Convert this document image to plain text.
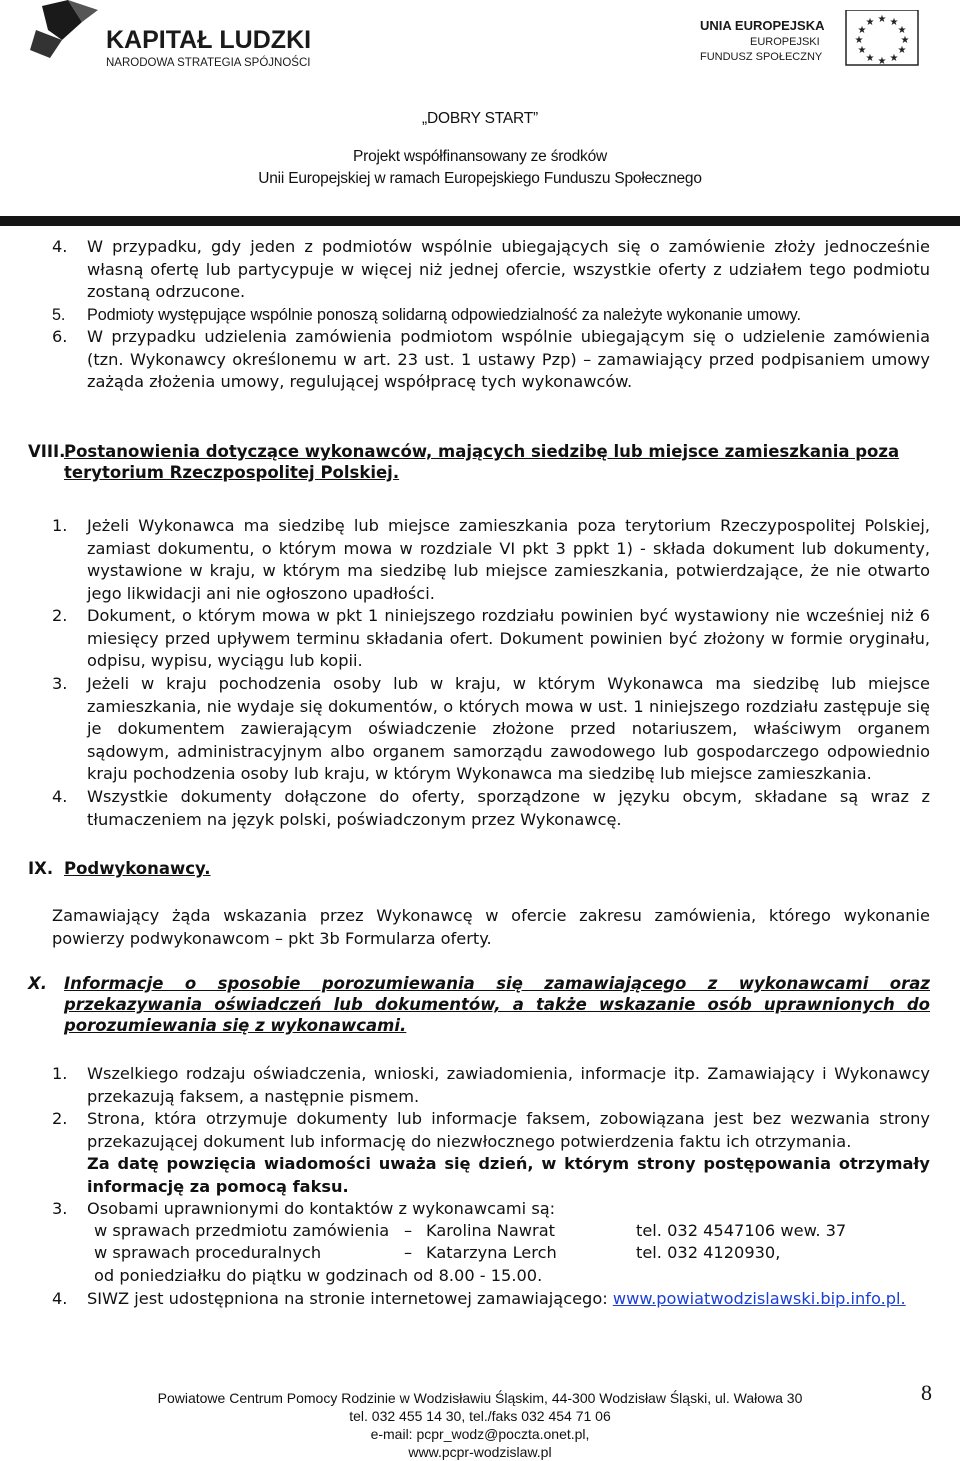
KAPITAŁ LUDZKI
NARODOWA STRATEGIA SPÓJNOŚCI
UNIA EUROPEJSKA
EUROPEJSKI
FUNDUSZ SPOŁECZNY
★ ★
★
★
★
★
★
★
★
★
★
★
„DOBRY START”
Projekt współfinansowany ze środków
Unii Europejskiej w ramach Europejskiego Funduszu Społecznego
4. W przypadku, gdy jeden z podmiotów wspólnie ubiegających się o zamówienie złoży jednocześnie własną ofertę lub partycypuje w więcej niż jednej ofercie, wszystkie oferty z udziałem tego podmiotu zostaną odrzucone.
5. Podmioty występujące wspólnie ponoszą solidarną odpowiedzialność za należyte wykonanie umowy.
6. W przypadku udzielenia zamówienia podmiotom wspólnie ubiegającym się o udzielenie zamówienia (tzn. Wykonawcy określonemu w art. 23 ust. 1 ustawy Pzp) – zamawiający przed podpisaniem umowy zażąda złożenia umowy, regulującej współpracę tych wykonawców.
VIII.
Postanowienia dotyczące wykonawców, mających siedzibę lub miejsce zamieszkania poza terytorium Rzeczpospolitej Polskiej.
1. Jeżeli Wykonawca ma siedzibę lub miejsce zamieszkania poza terytorium Rzeczypospolitej Polskiej, zamiast dokumentu, o którym mowa w rozdziale VI pkt 3 ppkt 1) - składa dokument lub dokumenty, wystawione w kraju, w którym ma siedzibę lub miejsce zamieszkania, potwierdzające, że nie otwarto jego likwidacji ani nie ogłoszono upadłości.
2. Dokument, o którym mowa w pkt 1 niniejszego rozdziału powinien być wystawiony nie wcześniej niż 6 miesięcy przed upływem terminu składania ofert. Dokument powinien być złożony w formie oryginału, odpisu, wypisu, wyciągu lub kopii.
3. Jeżeli w kraju pochodzenia osoby lub w kraju, w którym Wykonawca ma siedzibę lub miejsce zamieszkania, nie wydaje się dokumentów, o których mowa w ust. 1 niniejszego rozdziału zastępuje się je dokumentem zawierającym oświadczenie złożone przed notariuszem, właściwym organem sądowym, administracyjnym albo organem samorządu zawodowego lub gospodarczego odpowiednio kraju pochodzenia osoby lub kraju, w którym Wykonawca ma siedzibę lub miejsce zamieszkania.
4. Wszystkie dokumenty dołączone do oferty, sporządzone w języku obcym, składane są wraz z tłumaczeniem na język polski, poświadczonym przez Wykonawcę.
IX. Podwykonawcy.
Zamawiający żąda wskazania przez Wykonawcę w ofercie zakresu zamówienia, którego wykonanie powierzy podwykonawcom – pkt 3b Formularza oferty.
X. Informacje o sposobie porozumiewania się zamawiającego z wykonawcami oraz przekazywania oświadczeń lub dokumentów, a także wskazanie osób uprawnionych do porozumiewania się z wykonawcami.
1. Wszelkiego rodzaju oświadczenia, wnioski, zawiadomienia, informacje itp. Zamawiający i Wykonawcy przekazują faksem, a następnie pismem.
2. Strona, która otrzymuje dokumenty lub informacje faksem, zobowiązana jest bez wezwania strony przekazującej dokument lub informację do niezwłocznego potwierdzenia faktu ich otrzymania.
Za datę powzięcia wiadomości uważa się dzień, w którym strony postępowania otrzymały informację za pomocą faksu.
3. Osobami uprawnionymi do kontaktów z wykonawcami są:
w sprawach przedmiotu zamówienia – Karolina Nawrat	tel. 032 4547106 wew. 37
w sprawach proceduralnych	– Katarzyna Lerch	tel. 032 4120930,
od poniedziałku do piątku w godzinach od 8.00 - 15.00.
4. SIWZ jest udostępniona na stronie internetowej zamawiającego: www.powiatwodzislawski.bip.info.pl.
Powiatowe Centrum Pomocy Rodzinie w Wodzisławiu Śląskim, 44-300 Wodzisław Śląski, ul. Wałowa 30
tel. 032 455 14 30, tel./faks 032 454 71 06
e-mail: pcpr_wodz@poczta.onet.pl,
www.pcpr-wodzislaw.pl
8
